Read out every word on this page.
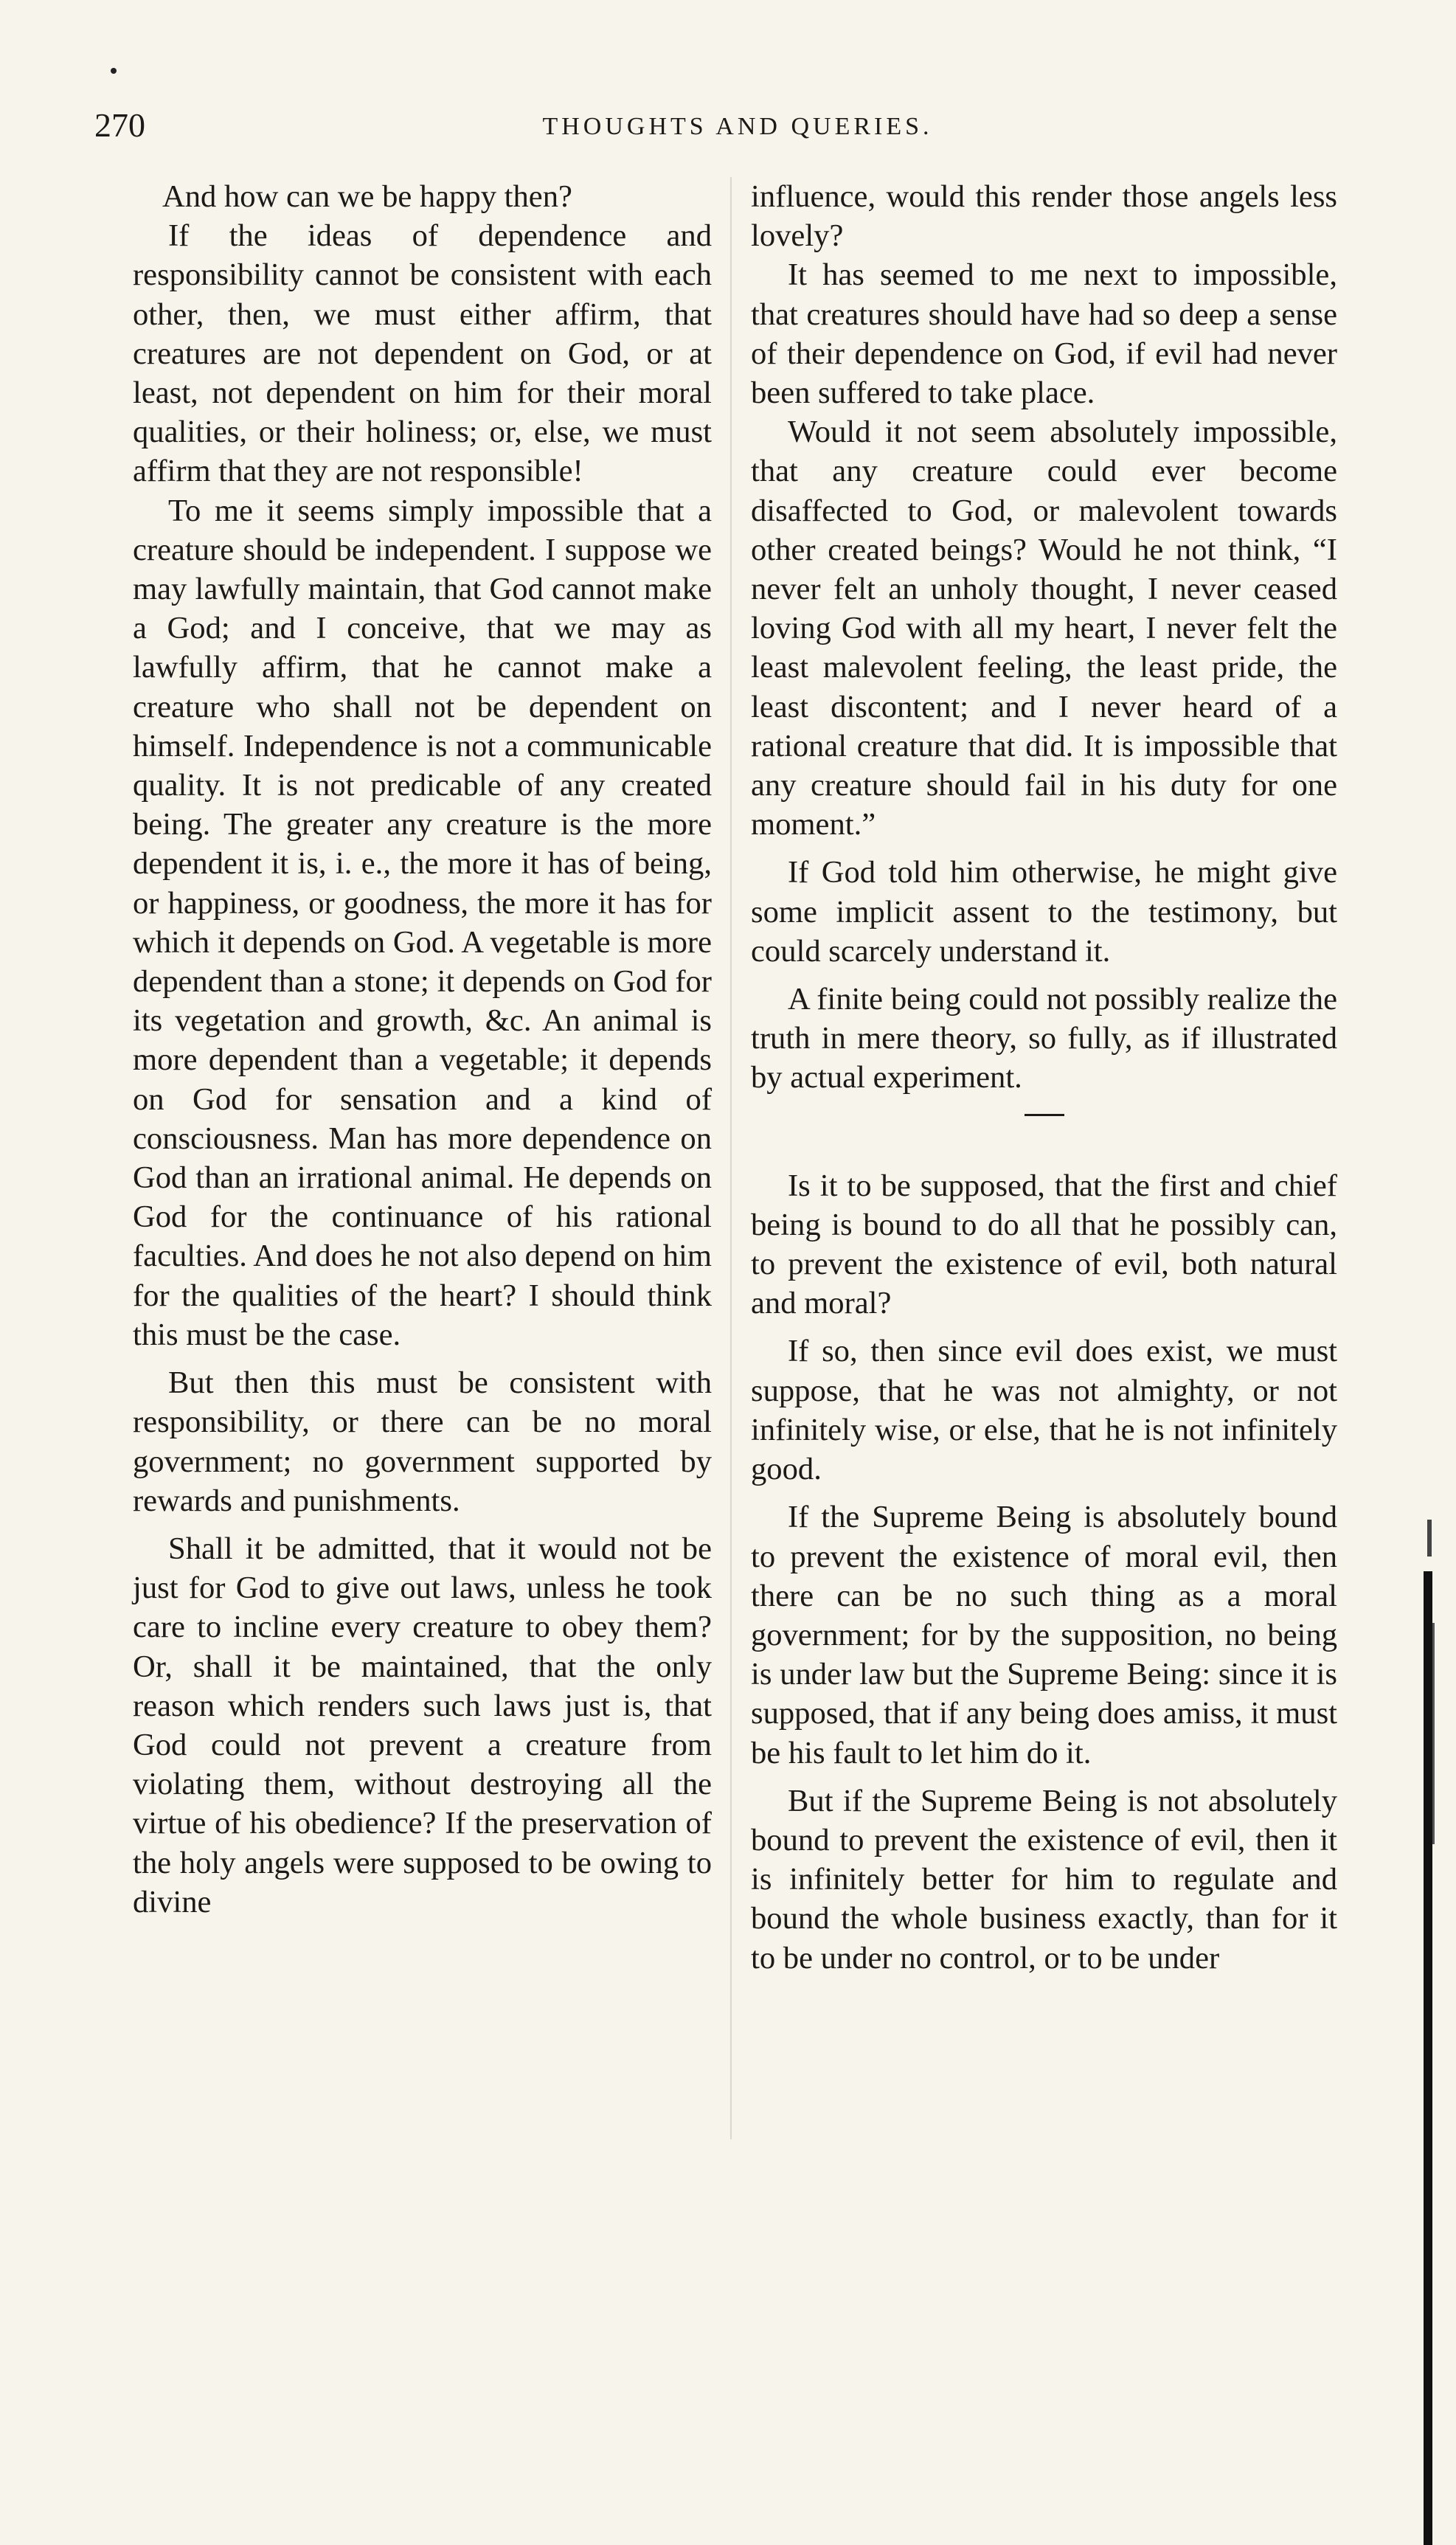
270	THOUGHTS AND QUERIES.

And how can we be happy then?

If the ideas of dependence and responsibility cannot be consistent with each other, then, we must either affirm, that creatures are not dependent on God, or at least, not dependent on him for their moral qualities, or their holiness; or, else, we must affirm that they are not responsible!

To me it seems simply impossible that a creature should be independent. I suppose we may lawfully maintain, that God cannot make a God; and I conceive, that we may as lawfully affirm, that he cannot make a creature who shall not be dependent on himself. Independence is not a communicable quality. It is not predicable of any created being. The greater any creature is the more dependent it is, i. e., the more it has of being, or happiness, or goodness, the more it has for which it depends on God. A vegetable is more dependent than a stone; it depends on God for its vegetation and growth, &c. An animal is more dependent than a vegetable; it depends on God for sensation and a kind of consciousness. Man has more dependence on God than an irrational animal. He depends on God for the continuance of his rational faculties. And does he not also depend on him for the qualities of the heart? I should think this must be the case.

But then this must be consistent with responsibility, or there can be no moral government; no government supported by rewards and punishments.

Shall it be admitted, that it would not be just for God to give out laws, unless he took care to incline every creature to obey them? Or, shall it be maintained, that the only reason which renders such laws just is, that God could not prevent a creature from violating them, without destroying all the virtue of his obedience? If the preservation of the holy angels were supposed to be owing to divine

influence, would this render those angels less lovely?

It has seemed to me next to impossible, that creatures should have had so deep a sense of their dependence on God, if evil had never been suffered to take place.

Would it not seem absolutely impossible, that any creature could ever become disaffected to God, or malevolent towards other created beings? Would he not think, “I never felt an unholy thought, I never ceased loving God with all my heart, I never felt the least malevolent feeling, the least pride, the least discontent; and I never heard of a rational creature that did. It is impossible that any creature should fail in his duty for one moment.”

If God told him otherwise, he might give some implicit assent to the testimony, but could scarcely understand it.

A finite being could not possibly realize the truth in mere theory, so fully, as if illustrated by actual experiment.

Is it to be supposed, that the first and chief being is bound to do all that he possibly can, to prevent the existence of evil, both natural and moral?

If so, then since evil does exist, we must suppose, that he was not almighty, or not infinitely wise, or else, that he is not infinitely good.

If the Supreme Being is absolutely bound to prevent the existence of moral evil, then there can be no such thing as a moral government; for by the supposition, no being is under law but the Supreme Being: since it is supposed, that if any being does amiss, it must be his fault to let him do it.

But if the Supreme Being is not absolutely bound to prevent the existence of evil, then it is infinitely better for him to regulate and bound the whole business exactly, than for it to be under no control, or to be under
